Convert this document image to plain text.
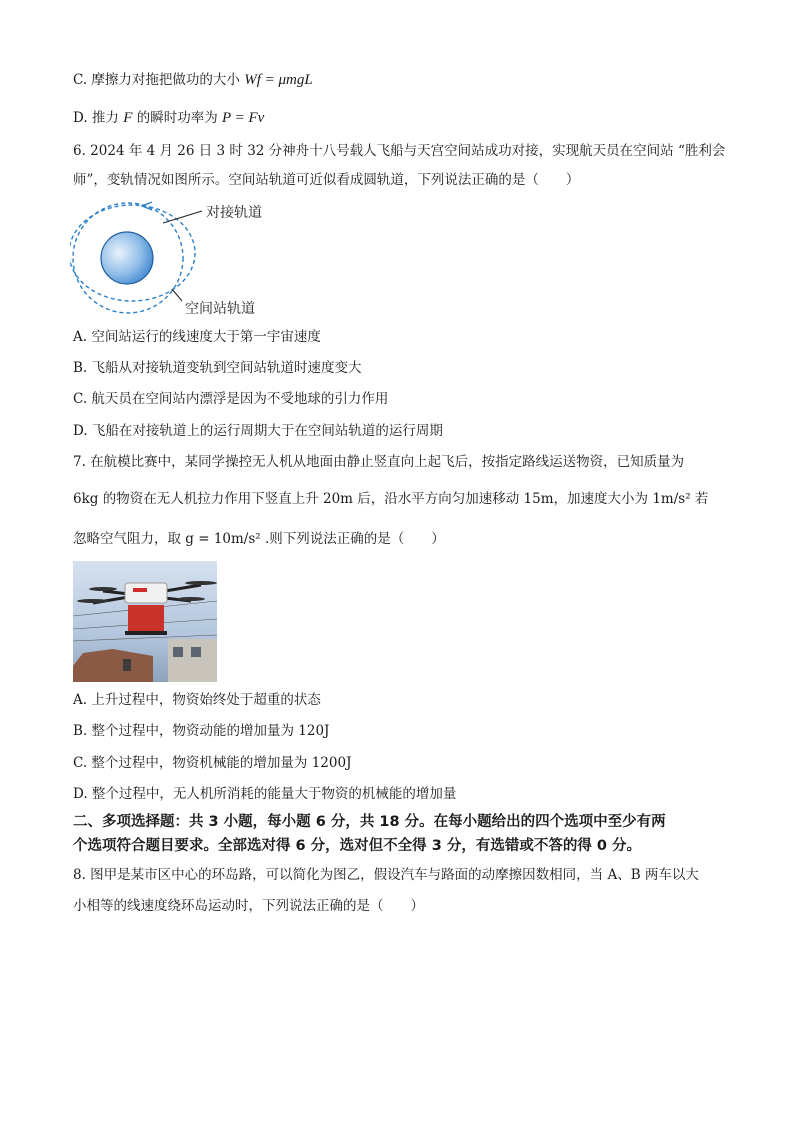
C. 摩擦力对拖把做功的大小 Wf = μmgL
D. 推力 F 的瞬时功率为 P = Fv
6. 2024 年 4 月 26 日 3 时 32 分神舟十八号载人飞船与天宫空间站成功对接，实现航天员在空间站 “胜利会
师”，变轨情况如图所示。空间站轨道可近似看成圆轨道，下列说法正确的是（　　）
对接轨道
空间站轨道
A. 空间站运行的线速度大于第一宇宙速度
B. 飞船从对接轨道变轨到空间站轨道时速度变大
C. 航天员在空间站内漂浮是因为不受地球的引力作用
D. 飞船在对接轨道上的运行周期大于在空间站轨道的运行周期
7. 在航模比赛中，某同学操控无人机从地面由静止竖直向上起飞后，按指定路线运送物资，已知质量为
6kg 的物资在无人机拉力作用下竖直上升 20m 后，沿水平方向匀加速移动 15m，加速度大小为 1m/s² 若
忽略空气阻力，取 g = 10m/s² .则下列说法正确的是（　　）
A. 上升过程中，物资始终处于超重的状态
B. 整个过程中，物资动能的增加量为 120J
C. 整个过程中，物资机械能的增加量为 1200J
D. 整个过程中，无人机所消耗的能量大于物资的机械能的增加量
二、多项选择题：共 3 小题，每小题 6 分，共 18 分。在每小题给出的四个选项中至少有两
个选项符合题目要求。全部选对得 6 分，选对但不全得 3 分，有选错或不答的得 0 分。
8. 图甲是某市区中心的环岛路，可以简化为图乙，假设汽车与路面的动摩擦因数相同，当 A、B 两车以大
小相等的线速度绕环岛运动时，下列说法正确的是（　　）
